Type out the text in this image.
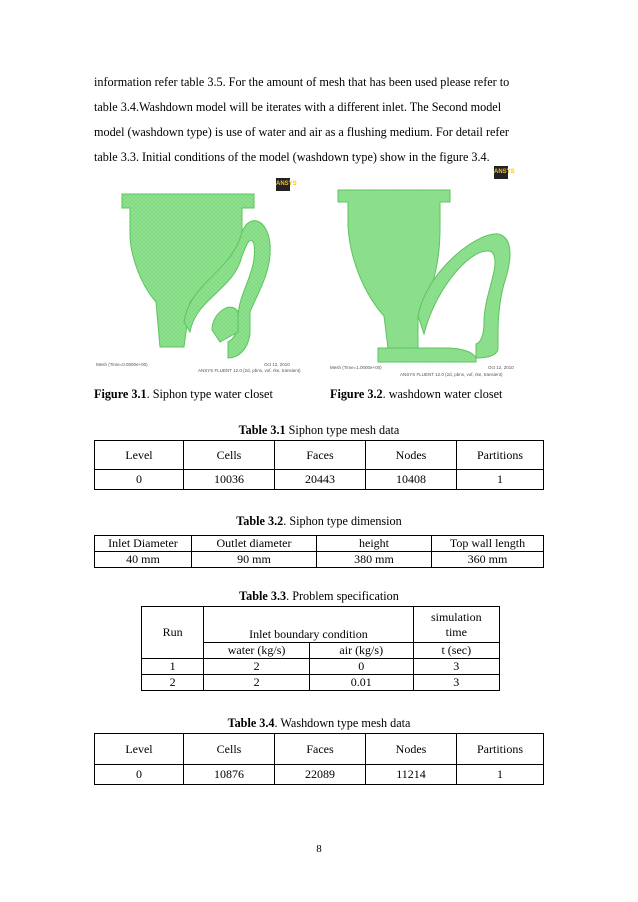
information refer table 3.5. For the amount of mesh that has been used please refer to

table 3.4.Washdown model will be iterates with a different inlet. The Second model

model (washdown type) is use of water and air as a flushing medium. For detail refer

table 3.3. Initial conditions of the model (washdown type) show in the figure 3.4.

ANSYS
Mesh (Time=0.0000e+00)	Oct 12, 2010
ANSYS FLUENT 12.0 (2d, pbns, vof, rke, transient)
ANSYS
Mesh (Time=1.0000e+00)	Oct 12, 2010
ANSYS FLUENT 12.0 (2d, pbns, vof, rke, transient)
Figure 3.1. Siphon type water closet	Figure 3.2. washdown water closet
Table 3.1 Siphon type mesh data
Level	Cells	Faces	Nodes	Partitions
0	10036	20443	10408	1
Table 3.2. Siphon type dimension
Inlet Diameter	Outlet diameter	height	Top wall length
40 mm	90 mm	380 mm	360 mm
Table 3.3. Problem specification
Run	Inlet boundary condition		simulation
time

	water (kg/s)	air (kg/s)	t (sec)
1	2	0	3
2	2	0.01	3
Table 3.4. Washdown type mesh data
Level	Cells	Faces	Nodes	Partitions
0	10876	22089	11214	1
8
